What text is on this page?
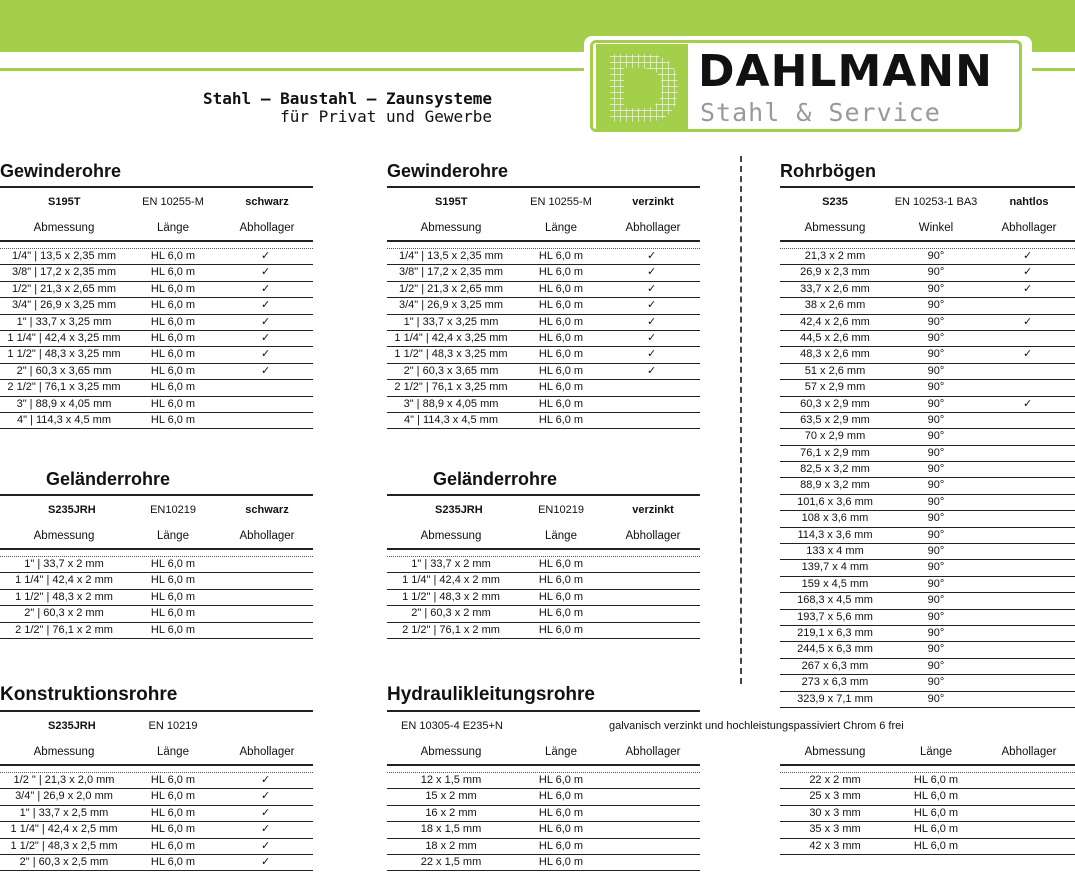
Stahl – Baustahl – Zaunsysteme
für Privat und Gewerbe
DAHLMANN
Stahl & Service
Gewinderohre
S195T	EN 10255-M	schwarz
Abmessung	Länge	Abhollager
1/4" | 13,5 x 2,35 mm	HL 6,0 m	✓
3/8" | 17,2 x 2,35 mm	HL 6,0 m	✓
1/2" | 21,3 x 2,65 mm	HL 6,0 m	✓
3/4" | 26,9 x 3,25 mm	HL 6,0 m	✓
1" | 33,7 x 3,25 mm	HL 6,0 m	✓
1 1/4" | 42,4 x 3,25 mm	HL 6,0 m	✓
1 1/2" | 48,3 x 3,25 mm	HL 6,0 m	✓
2" | 60,3 x 3,65 mm	HL 6,0 m	✓
2 1/2" | 76,1 x 3,25 mm	HL 6,0 m
3" | 88,9 x 4,05 mm	HL 6,0 m
4" | 114,3 x 4,5 mm	HL 6,0 m
Gewinderohre
S195T	EN 10255-M	verzinkt
Abmessung	Länge	Abhollager
1/4" | 13,5 x 2,35 mm	HL 6,0 m	✓
3/8" | 17,2 x 2,35 mm	HL 6,0 m	✓
1/2" | 21,3 x 2,65 mm	HL 6,0 m	✓
3/4" | 26,9 x 3,25 mm	HL 6,0 m	✓
1" | 33,7 x 3,25 mm	HL 6,0 m	✓
1 1/4" | 42,4 x 3,25 mm	HL 6,0 m	✓
1 1/2" | 48,3 x 3,25 mm	HL 6,0 m	✓
2" | 60,3 x 3,65 mm	HL 6,0 m	✓
2 1/2" | 76,1 x 3,25 mm	HL 6,0 m
3" | 88,9 x 4,05 mm	HL 6,0 m
4" | 114,3 x 4,5 mm	HL 6,0 m
Rohrbögen
S235	EN 10253-1 BA3	nahtlos
Abmessung	Winkel	Abhollager
21,3 x 2 mm	90°	✓
26,9 x 2,3 mm	90°	✓
33,7 x 2,6 mm	90°	✓
38 x 2,6 mm	90°
42,4 x 2,6 mm	90°	✓
44,5 x 2,6 mm	90°
48,3 x 2,6 mm	90°	✓
51 x 2,6 mm	90°
57 x 2,9 mm	90°
60,3 x 2,9 mm	90°	✓
63,5 x 2,9 mm	90°
70 x 2,9 mm	90°
76,1 x 2,9 mm	90°
82,5 x 3,2 mm	90°
88,9 x 3,2 mm	90°
101,6 x 3,6 mm	90°
108 x 3,6 mm	90°
114,3 x 3,6 mm	90°
133 x 4 mm	90°
139,7 x 4 mm	90°
159 x 4,5 mm	90°
168,3 x 4,5 mm	90°
193,7 x 5,6 mm	90°
219,1 x 6,3 mm	90°
244,5 x 6,3 mm	90°
267 x 6,3 mm	90°
273 x 6,3 mm	90°
323,9 x 7,1 mm	90°
Geländerrohre
S235JRH	EN10219	schwarz
Abmessung	Länge	Abhollager
1" | 33,7 x 2 mm	HL 6,0 m
1 1/4" | 42,4 x 2 mm	HL 6,0 m
1 1/2" | 48,3 x 2 mm	HL 6,0 m
2" | 60,3 x 2 mm	HL 6,0 m
2 1/2" | 76,1 x 2 mm	HL 6,0 m
Geländerrohre
S235JRH	EN10219	verzinkt
Abmessung	Länge	Abhollager
1" | 33,7 x 2 mm	HL 6,0 m
1 1/4" | 42,4 x 2 mm	HL 6,0 m
1 1/2" | 48,3 x 2 mm	HL 6,0 m
2" | 60,3 x 2 mm	HL 6,0 m
2 1/2" | 76,1 x 2 mm	HL 6,0 m
Konstruktionsrohre
S235JRH	EN 10219
Abmessung	Länge	Abhollager
1/2 " | 21,3 x 2,0 mm	HL 6,0 m	✓
3/4" | 26,9 x 2,0 mm	HL 6,0 m	✓
1" | 33,7 x 2,5 mm	HL 6,0 m	✓
1 1/4" | 42,4 x 2,5 mm	HL 6,0 m	✓
1 1/2" | 48,3 x 2,5 mm	HL 6,0 m	✓
2" | 60,3 x 2,5 mm	HL 6,0 m	✓
Hydraulikleitungsrohre
EN 10305-4 E235+N	galvanisch verzinkt und hochleistungspassiviert Chrom 6 frei
Abmessung	Länge	Abhollager
12 x 1,5 mm	HL 6,0 m
15 x 2 mm	HL 6,0 m
16 x 2 mm	HL 6,0 m
18 x 1,5 mm	HL 6,0 m
18 x 2 mm	HL 6,0 m
22 x 1,5 mm	HL 6,0 m
Abmessung	Länge	Abhollager
22 x 2 mm	HL 6,0 m
25 x 3 mm	HL 6,0 m
30 x 3 mm	HL 6,0 m
35 x 3 mm	HL 6,0 m
42 x 3 mm	HL 6,0 m
